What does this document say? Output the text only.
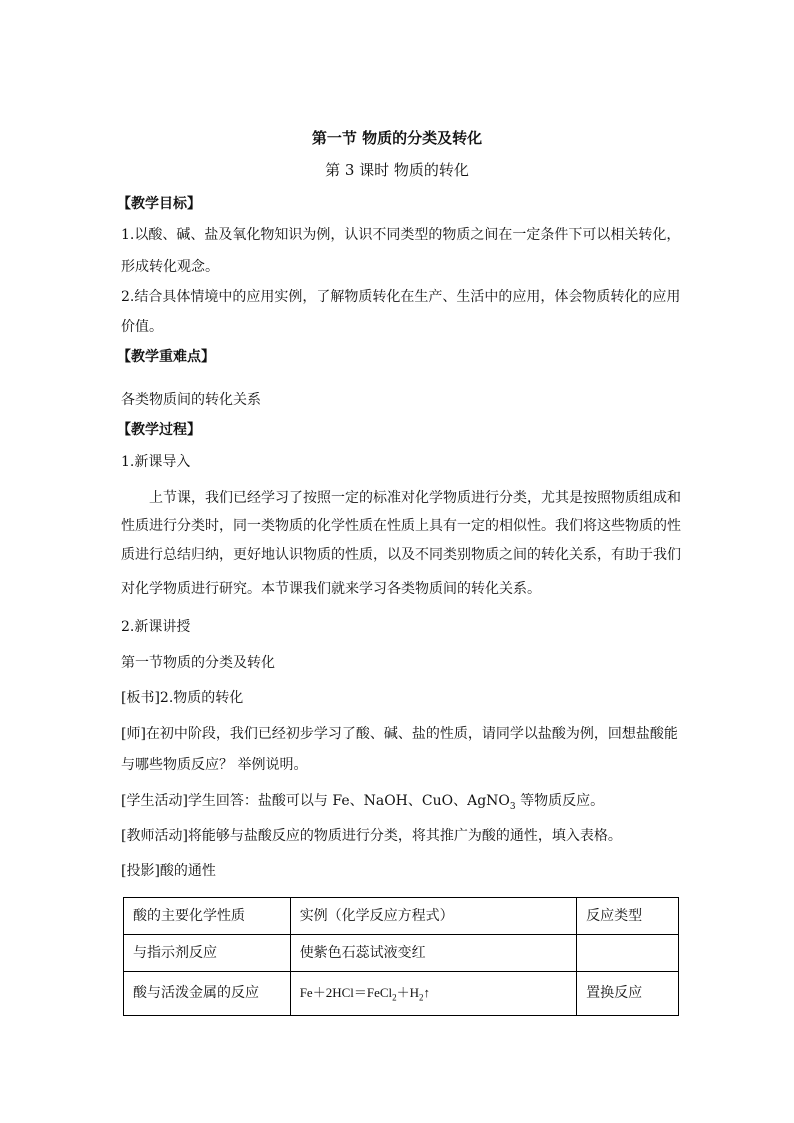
第一节 物质的分类及转化
第 3 课时 物质的转化
【教学目标】
1.以酸、碱、盐及氧化物知识为例，认识不同类型的物质之间在一定条件下可以相关转化，
形成转化观念。
2.结合具体情境中的应用实例，了解物质转化在生产、生活中的应用，体会物质转化的应用
价值。
【教学重难点】
各类物质间的转化关系
【教学过程】
1.新课导入
上节课，我们已经学习了按照一定的标准对化学物质进行分类，尤其是按照物质组成和
性质进行分类时，同一类物质的化学性质在性质上具有一定的相似性。我们将这些物质的性
质进行总结归纳，更好地认识物质的性质，以及不同类别物质之间的转化关系，有助于我们
对化学物质进行研究。本节课我们就来学习各类物质间的转化关系。
2.新课讲授
第一节物质的分类及转化
[板书]2.物质的转化
[师]在初中阶段，我们已经初步学习了酸、碱、盐的性质，请同学以盐酸为例，回想盐酸能
与哪些物质反应？ 举例说明。
[学生活动]学生回答：盐酸可以与 Fe、NaOH、CuO、AgNO$_3$ 等物质反应。
[教师活动]将能够与盐酸反应的物质进行分类，将其推广为酸的通性，填入表格。
[投影]酸的通性
酸的主要化学性质	实例（化学反应方程式）	反应类型
与指示剂反应	使紫色石蕊试液变红	
酸与活泼金属的反应	$Fe+2HCl=FeCl_2+H_2↑$	置换反应
